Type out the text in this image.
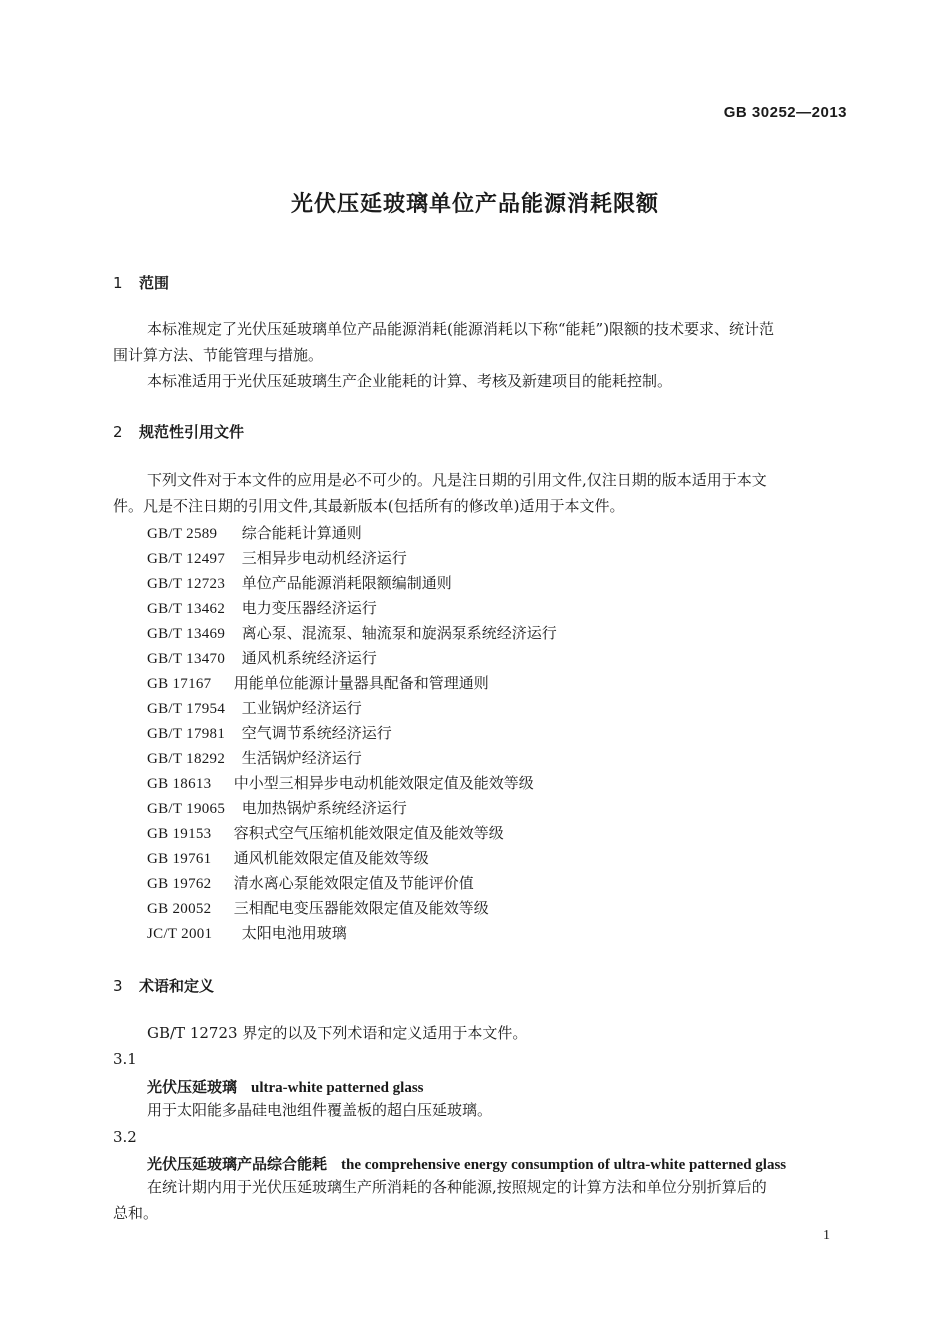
GB 30252—2013
光伏压延玻璃单位产品能源消耗限额
1 范围
本标准规定了光伏压延玻璃单位产品能源消耗(能源消耗以下称“能耗”)限额的技术要求、统计范
围计算方法、节能管理与措施。
本标准适用于光伏压延玻璃生产企业能耗的计算、考核及新建项目的能耗控制。
2 规范性引用文件
下列文件对于本文件的应用是必不可少的。凡是注日期的引用文件,仅注日期的版本适用于本文
件。凡是不注日期的引用文件,其最新版本(包括所有的修改单)适用于本文件。
GB/T 2589 综合能耗计算通则
GB/T 12497 三相异步电动机经济运行
GB/T 12723 单位产品能源消耗限额编制通则
GB/T 13462 电力变压器经济运行
GB/T 13469 离心泵、混流泵、轴流泵和旋涡泵系统经济运行
GB/T 13470 通风机系统经济运行
GB 17167 用能单位能源计量器具配备和管理通则
GB/T 17954 工业锅炉经济运行
GB/T 17981 空气调节系统经济运行
GB/T 18292 生活锅炉经济运行
GB 18613 中小型三相异步电动机能效限定值及能效等级
GB/T 19065 电加热锅炉系统经济运行
GB 19153 容积式空气压缩机能效限定值及能效等级
GB 19761 通风机能效限定值及能效等级
GB 19762 清水离心泵能效限定值及节能评价值
GB 20052 三相配电变压器能效限定值及能效等级
JC/T 2001 太阳电池用玻璃
3 术语和定义
GB/T 12723 界定的以及下列术语和定义适用于本文件。
3.1
光伏压延玻璃 ultra-white patterned glass
用于太阳能多晶硅电池组件覆盖板的超白压延玻璃。
3.2
光伏压延玻璃产品综合能耗 the comprehensive energy consumption of ultra-white patterned glass
在统计期内用于光伏压延玻璃生产所消耗的各种能源,按照规定的计算方法和单位分别折算后的
总和。
1
